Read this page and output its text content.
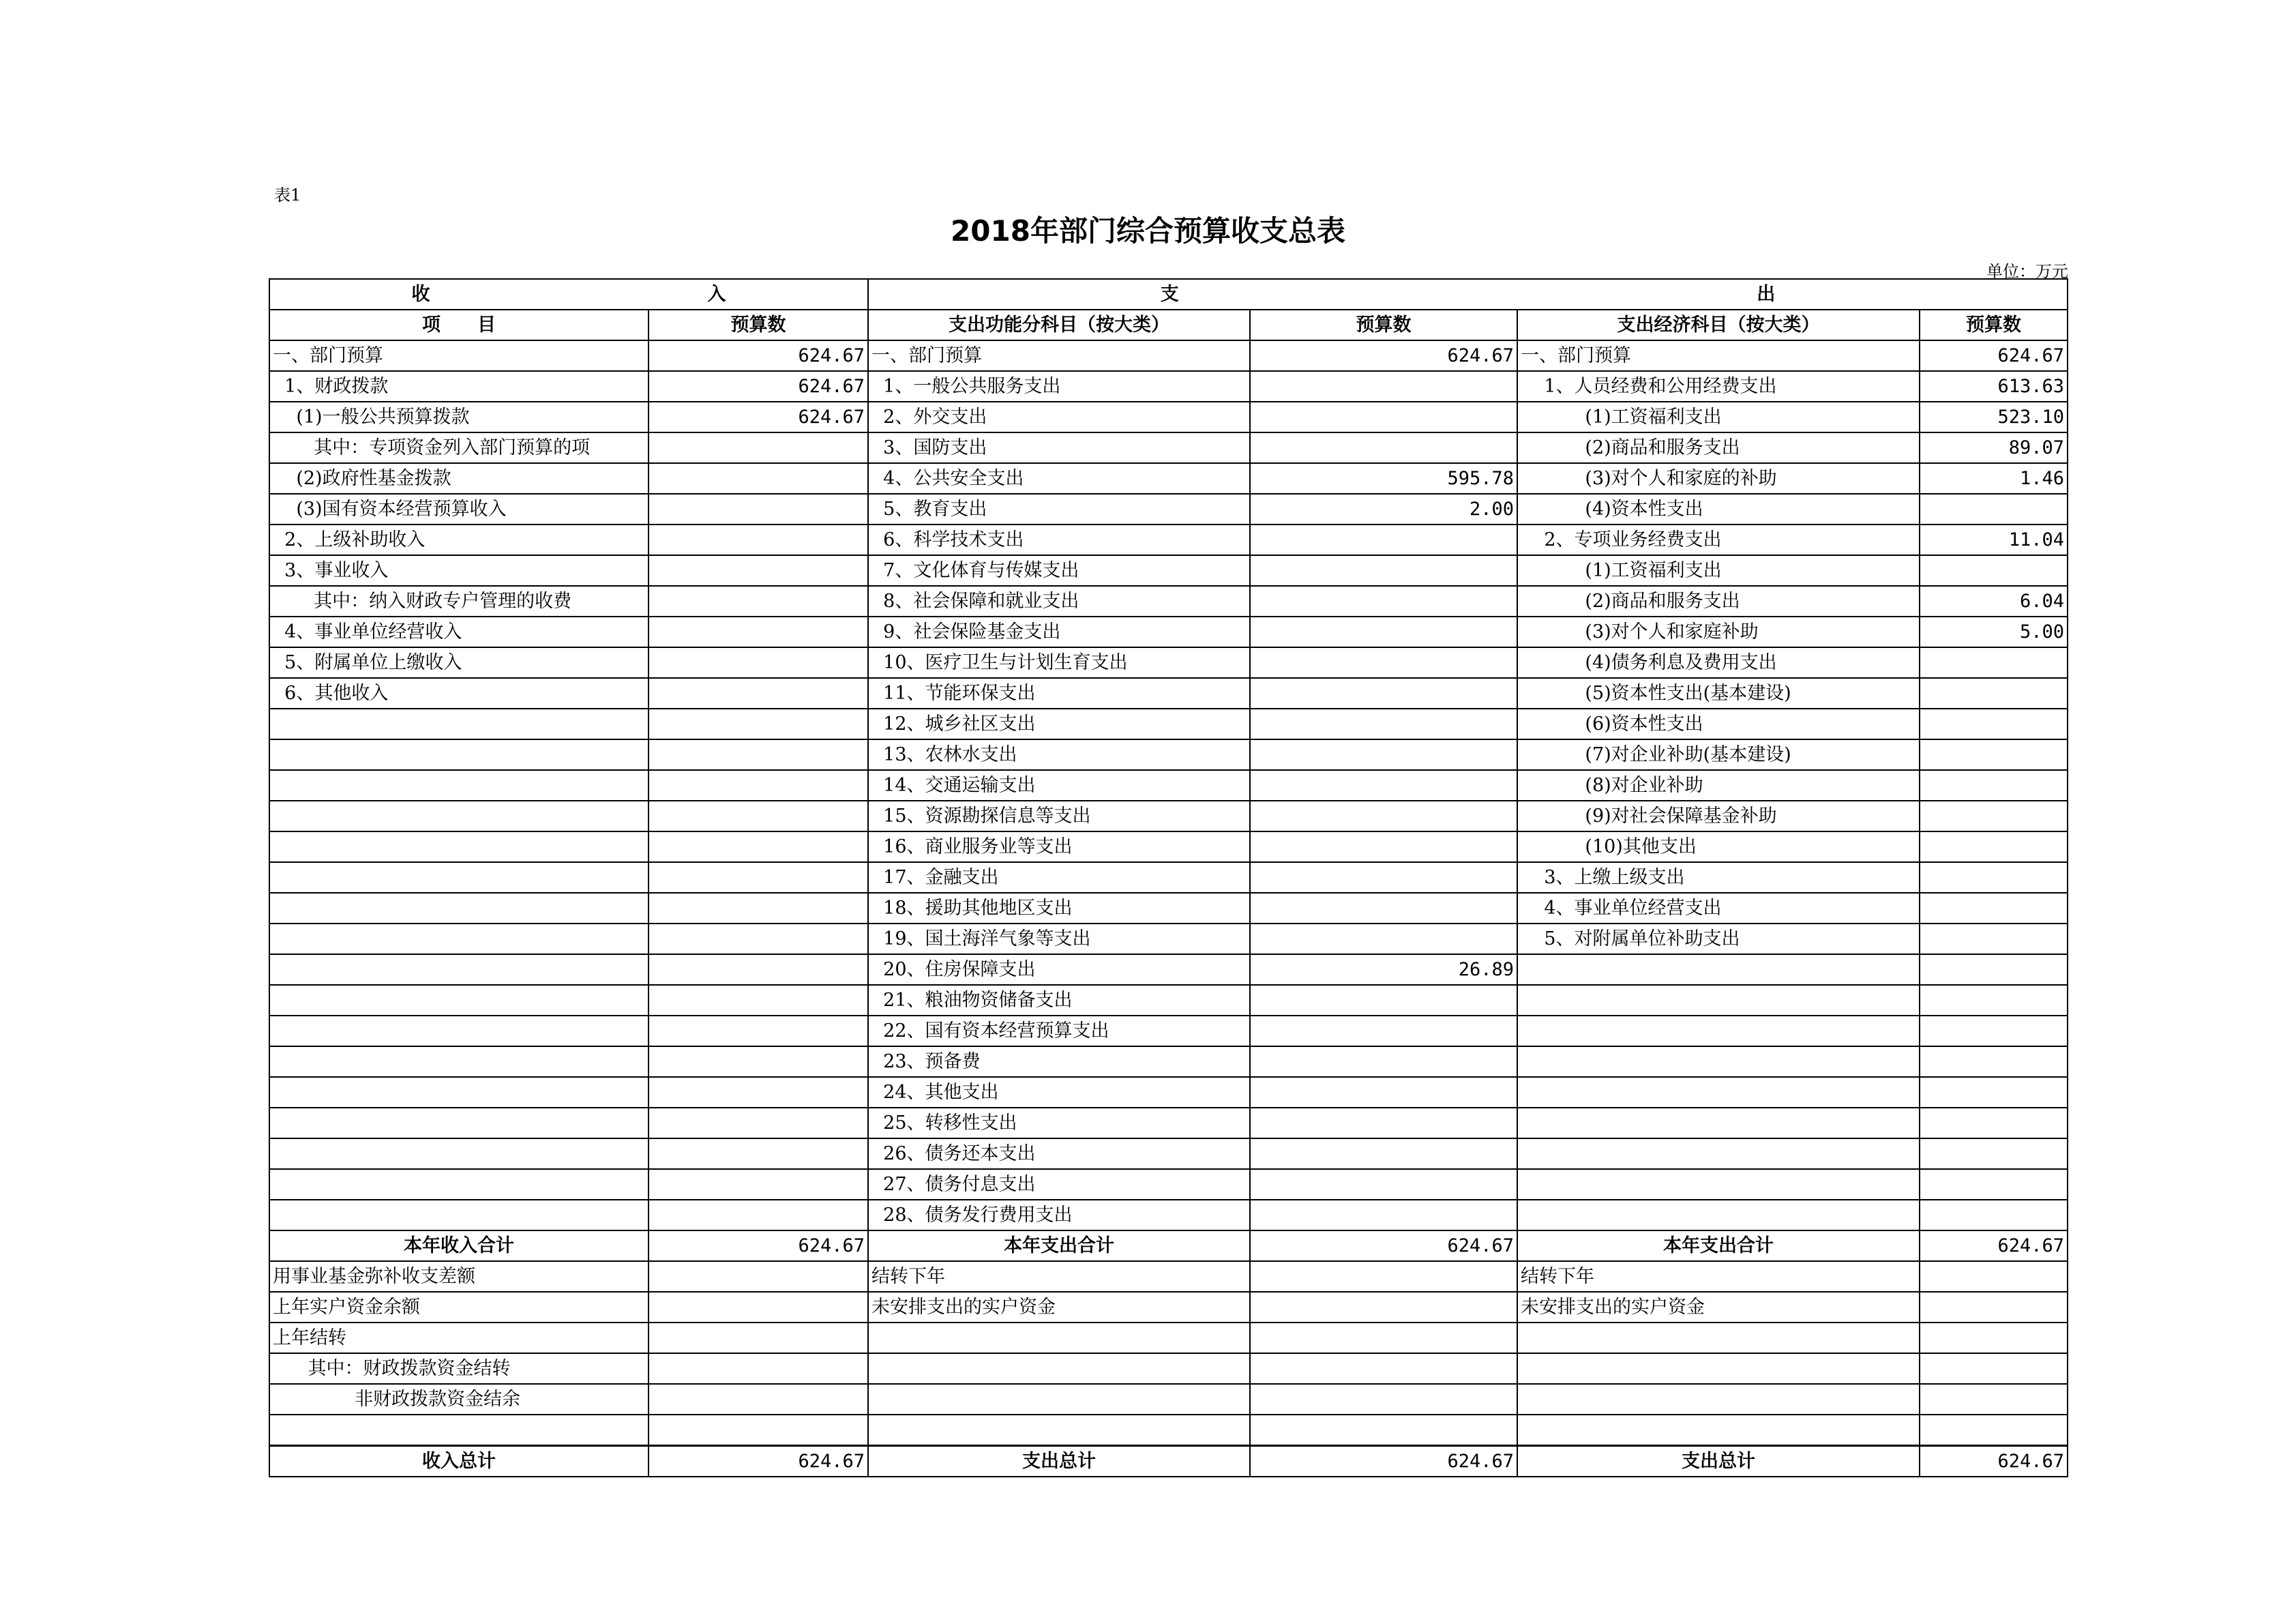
表1
2018年部门综合预算收支总表
单位：万元
收 入		支 出			

项　　目	预算数	支出功能分科目（按大类）	预算数	支出经济科目（按大类）	预算数
一、部门预算	624.67	一、部门预算	624.67	一、部门预算	624.67
1、财政拨款	624.67	1、一般公共服务支出		1、人员经费和公用经费支出	613.63
(1)一般公共预算拨款	624.67	2、外交支出		(1)工资福利支出	523.10
其中：专项资金列入部门预算的项		3、国防支出		(2)商品和服务支出	89.07
(2)政府性基金拨款		4、公共安全支出	595.78	(3)对个人和家庭的补助	1.46
(3)国有资本经营预算收入		5、教育支出	2.00	(4)资本性支出	
2、上级补助收入		6、科学技术支出		2、专项业务经费支出	11.04
3、事业收入		7、文化体育与传媒支出		(1)工资福利支出	
其中：纳入财政专户管理的收费		8、社会保障和就业支出		(2)商品和服务支出	6.04
4、事业单位经营收入		9、社会保险基金支出		(3)对个人和家庭补助	5.00
5、附属单位上缴收入		10、医疗卫生与计划生育支出		(4)债务利息及费用支出	
6、其他收入		11、节能环保支出		(5)资本性支出(基本建设)	
		12、城乡社区支出		(6)资本性支出	
		13、农林水支出		(7)对企业补助(基本建设)	
		14、交通运输支出		(8)对企业补助	
		15、资源勘探信息等支出		(9)对社会保障基金补助	
		16、商业服务业等支出		(10)其他支出	
		17、金融支出		3、上缴上级支出	
		18、援助其他地区支出		4、事业单位经营支出	
		19、国土海洋气象等支出		5、对附属单位补助支出	
		20、住房保障支出	26.89		
		21、粮油物资储备支出			
		22、国有资本经营预算支出			
		23、预备费			
		24、其他支出			
		25、转移性支出			
		26、债务还本支出			
		27、债务付息支出			
		28、债务发行费用支出			
本年收入合计	624.67	本年支出合计	624.67	本年支出合计	624.67
用事业基金弥补收支差额		结转下年		结转下年	
上年实户资金余额		未安排支出的实户资金		未安排支出的实户资金	
上年结转					
其中：财政拨款资金结转					
非财政拨款资金结余					

收入总计	624.67	支出总计	624.67	支出总计	624.67
